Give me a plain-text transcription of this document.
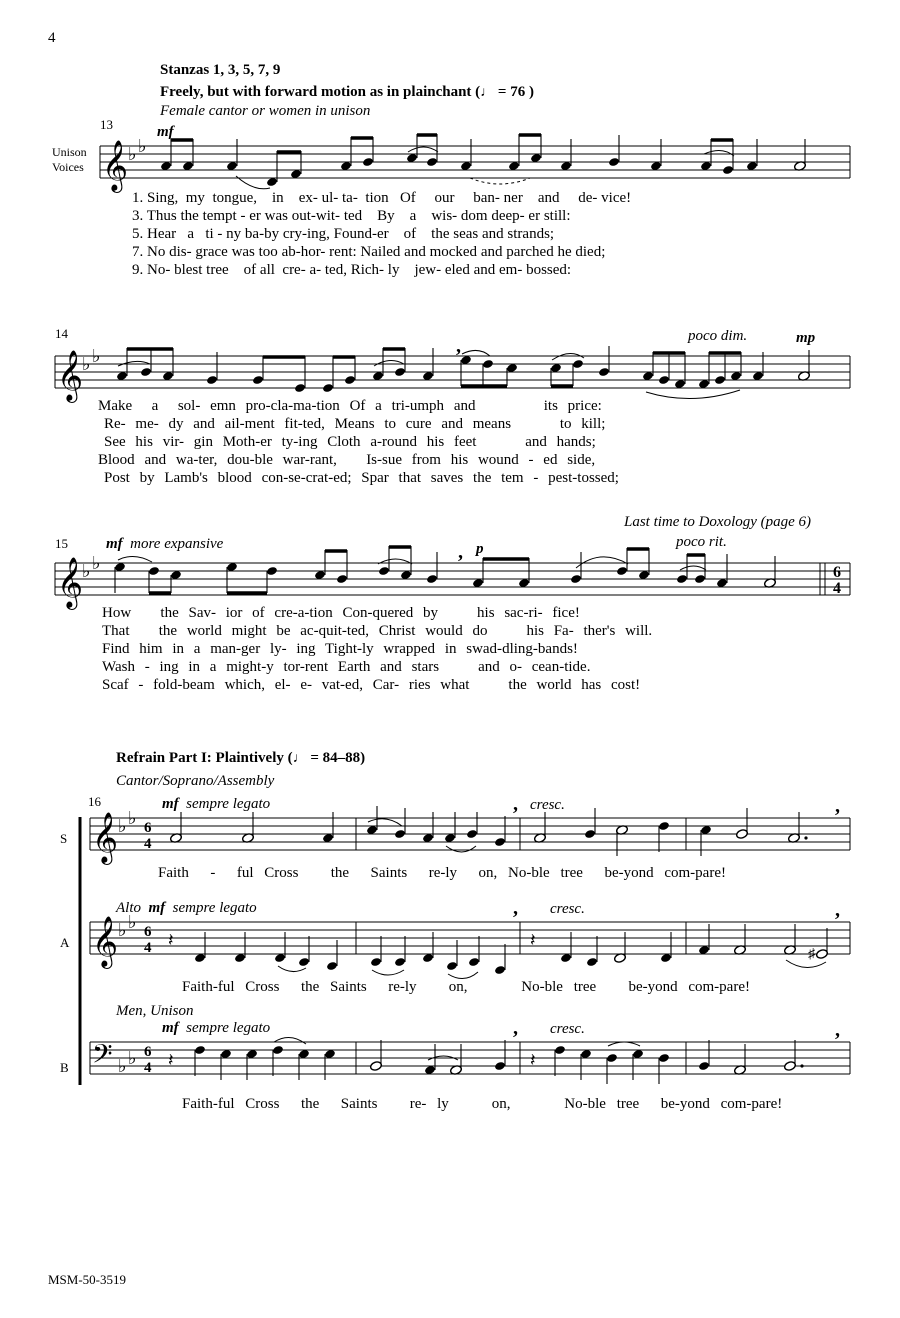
4
Stanzas 1, 3, 5, 7, 9
Freely, but with forward motion as in plainchant (♩ = 76 )
Female cantor or women in unison
13
Unison
Voices
mf
1. Sing, my tongue, in ex- ul- ta- tion Of our ban- ner and de- vice!
3. Thus the tempt - er was out-wit- ted By a wis- dom deep- er still:
5. Hear a ti - ny ba-by cry-ing, Found-er of the seas and strands;
7. No dis- grace was too ab-hor- rent: Nailed and mocked and parched he died;
9. No- blest tree of all cre- a- ted, Rich- ly jew- eled and em- bossed:
14	poco dim.	mp
Make a sol- emn pro-cla-ma-tion Of a tri-umph and	its price:
Re- me- dy and ail-ment fit-ted, Means to cure and means	to kill;
See his vir- gin Moth-er ty-ing Cloth a-round his feet	and hands;
Blood and wa-ter, dou-ble war-rant, Is-sue from his wound - ed side,
Post by Lamb's blood con-se-crat-ed; Spar that saves the tem - pest-tossed;
Last time to Doxology (page 6)
15	mf more expansive	p	poco rit.
How the Sav- ior of cre-a-tion Con-quered by	his sac-ri- fice!
That the world might be ac-quit-ted, Christ would do	his Fa- ther's will.
Find him in a man-ger ly- ing Tight-ly wrapped in swad-dling-bands!
Wash - ing in a might-y tor-rent Earth and stars	and o- cean-tide.
Scaf - fold-beam which, el- e- vat-ed, Car- ries what	the world has cost!
Refrain Part I: Plaintively (♩ = 84–88)
Cantor/Soprano/Assembly
16	mf sempre legato	cresc.
,	,
S
A
B
Faith - ful Cross the Saints re-ly on, No-ble tree be-yond com-pare!
Alto mf sempre legato	cresc.
,	,
Faith-ful Cross the Saints re-ly on,	No-ble tree be-yond com-pare!
Men, Unison
mf sempre legato	cresc.
,	,
Faith-ful Cross the Saints re- ly	on,	No-ble tree be-yond com-pare!
MSM-50-3519
𝄞 ♭ ♭
𝄞
♭ ♭	,
𝄞
♭ ♭	6
4
,
𝄞 ♭ ♭ 6
4
𝄞 ♭ ♭ 6
4 𝄽	𝄽
♯
𝄢 ♭ ♭ 6
4 𝄽	𝄽
